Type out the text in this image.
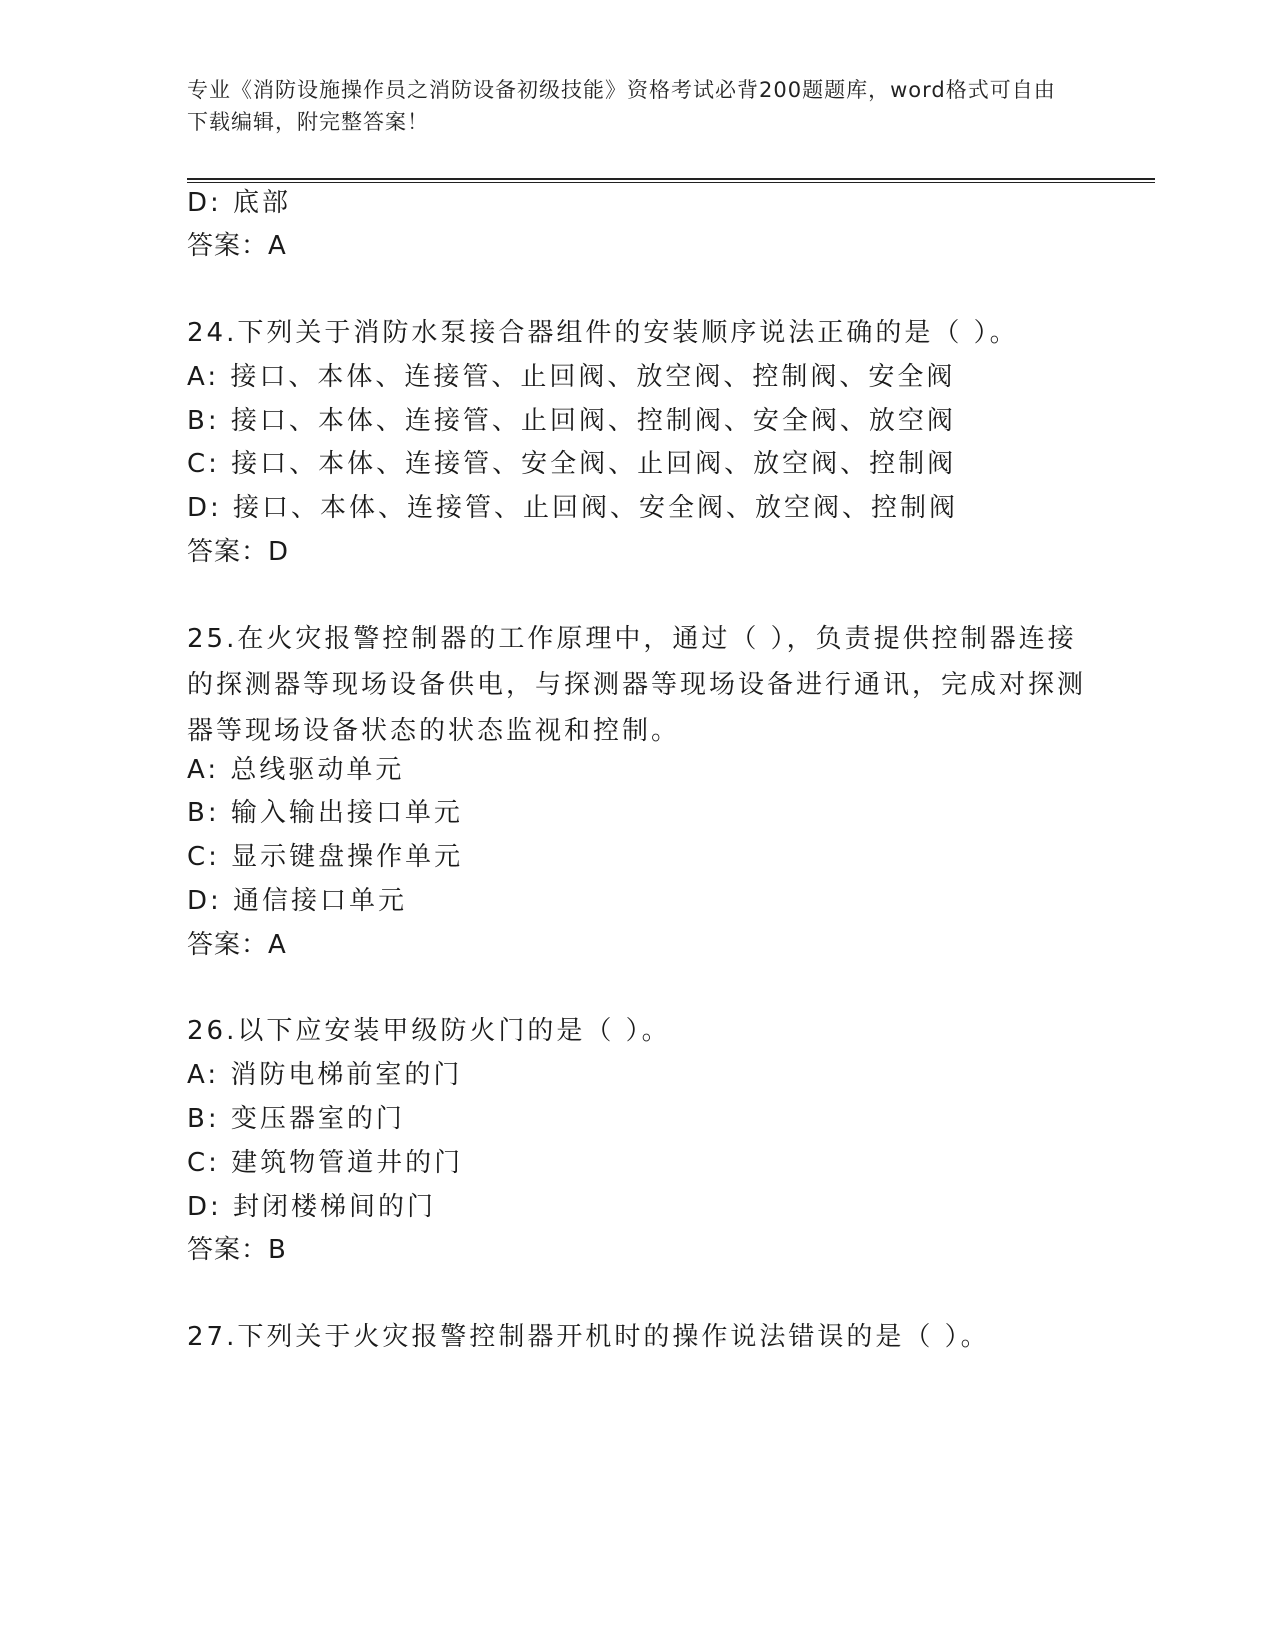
专业《消防设施操作员之消防设备初级技能》资格考试必背200题题库，word格式可自由下载编辑，附完整答案！
D: 底部
答案：A
24.下列关于消防水泵接合器组件的安装顺序说法正确的是（ ）。
A: 接口、本体、连接管、止回阀、放空阀、控制阀、安全阀
B: 接口、本体、连接管、止回阀、控制阀、安全阀、放空阀
C: 接口、本体、连接管、安全阀、止回阀、放空阀、控制阀
D: 接口、本体、连接管、止回阀、安全阀、放空阀、控制阀
答案：D
25.在火灾报警控制器的工作原理中，通过（ ），负责提供控制器连接的探测器等现场设备供电，与探测器等现场设备进行通讯，完成对探测器等现场设备状态的状态监视和控制。
A: 总线驱动单元
B: 输入输出接口单元
C: 显示键盘操作单元
D: 通信接口单元
答案：A
26.以下应安装甲级防火门的是（ ）。
A: 消防电梯前室的门
B: 变压器室的门
C: 建筑物管道井的门
D: 封闭楼梯间的门
答案：B
27.下列关于火灾报警控制器开机时的操作说法错误的是（ ）。
